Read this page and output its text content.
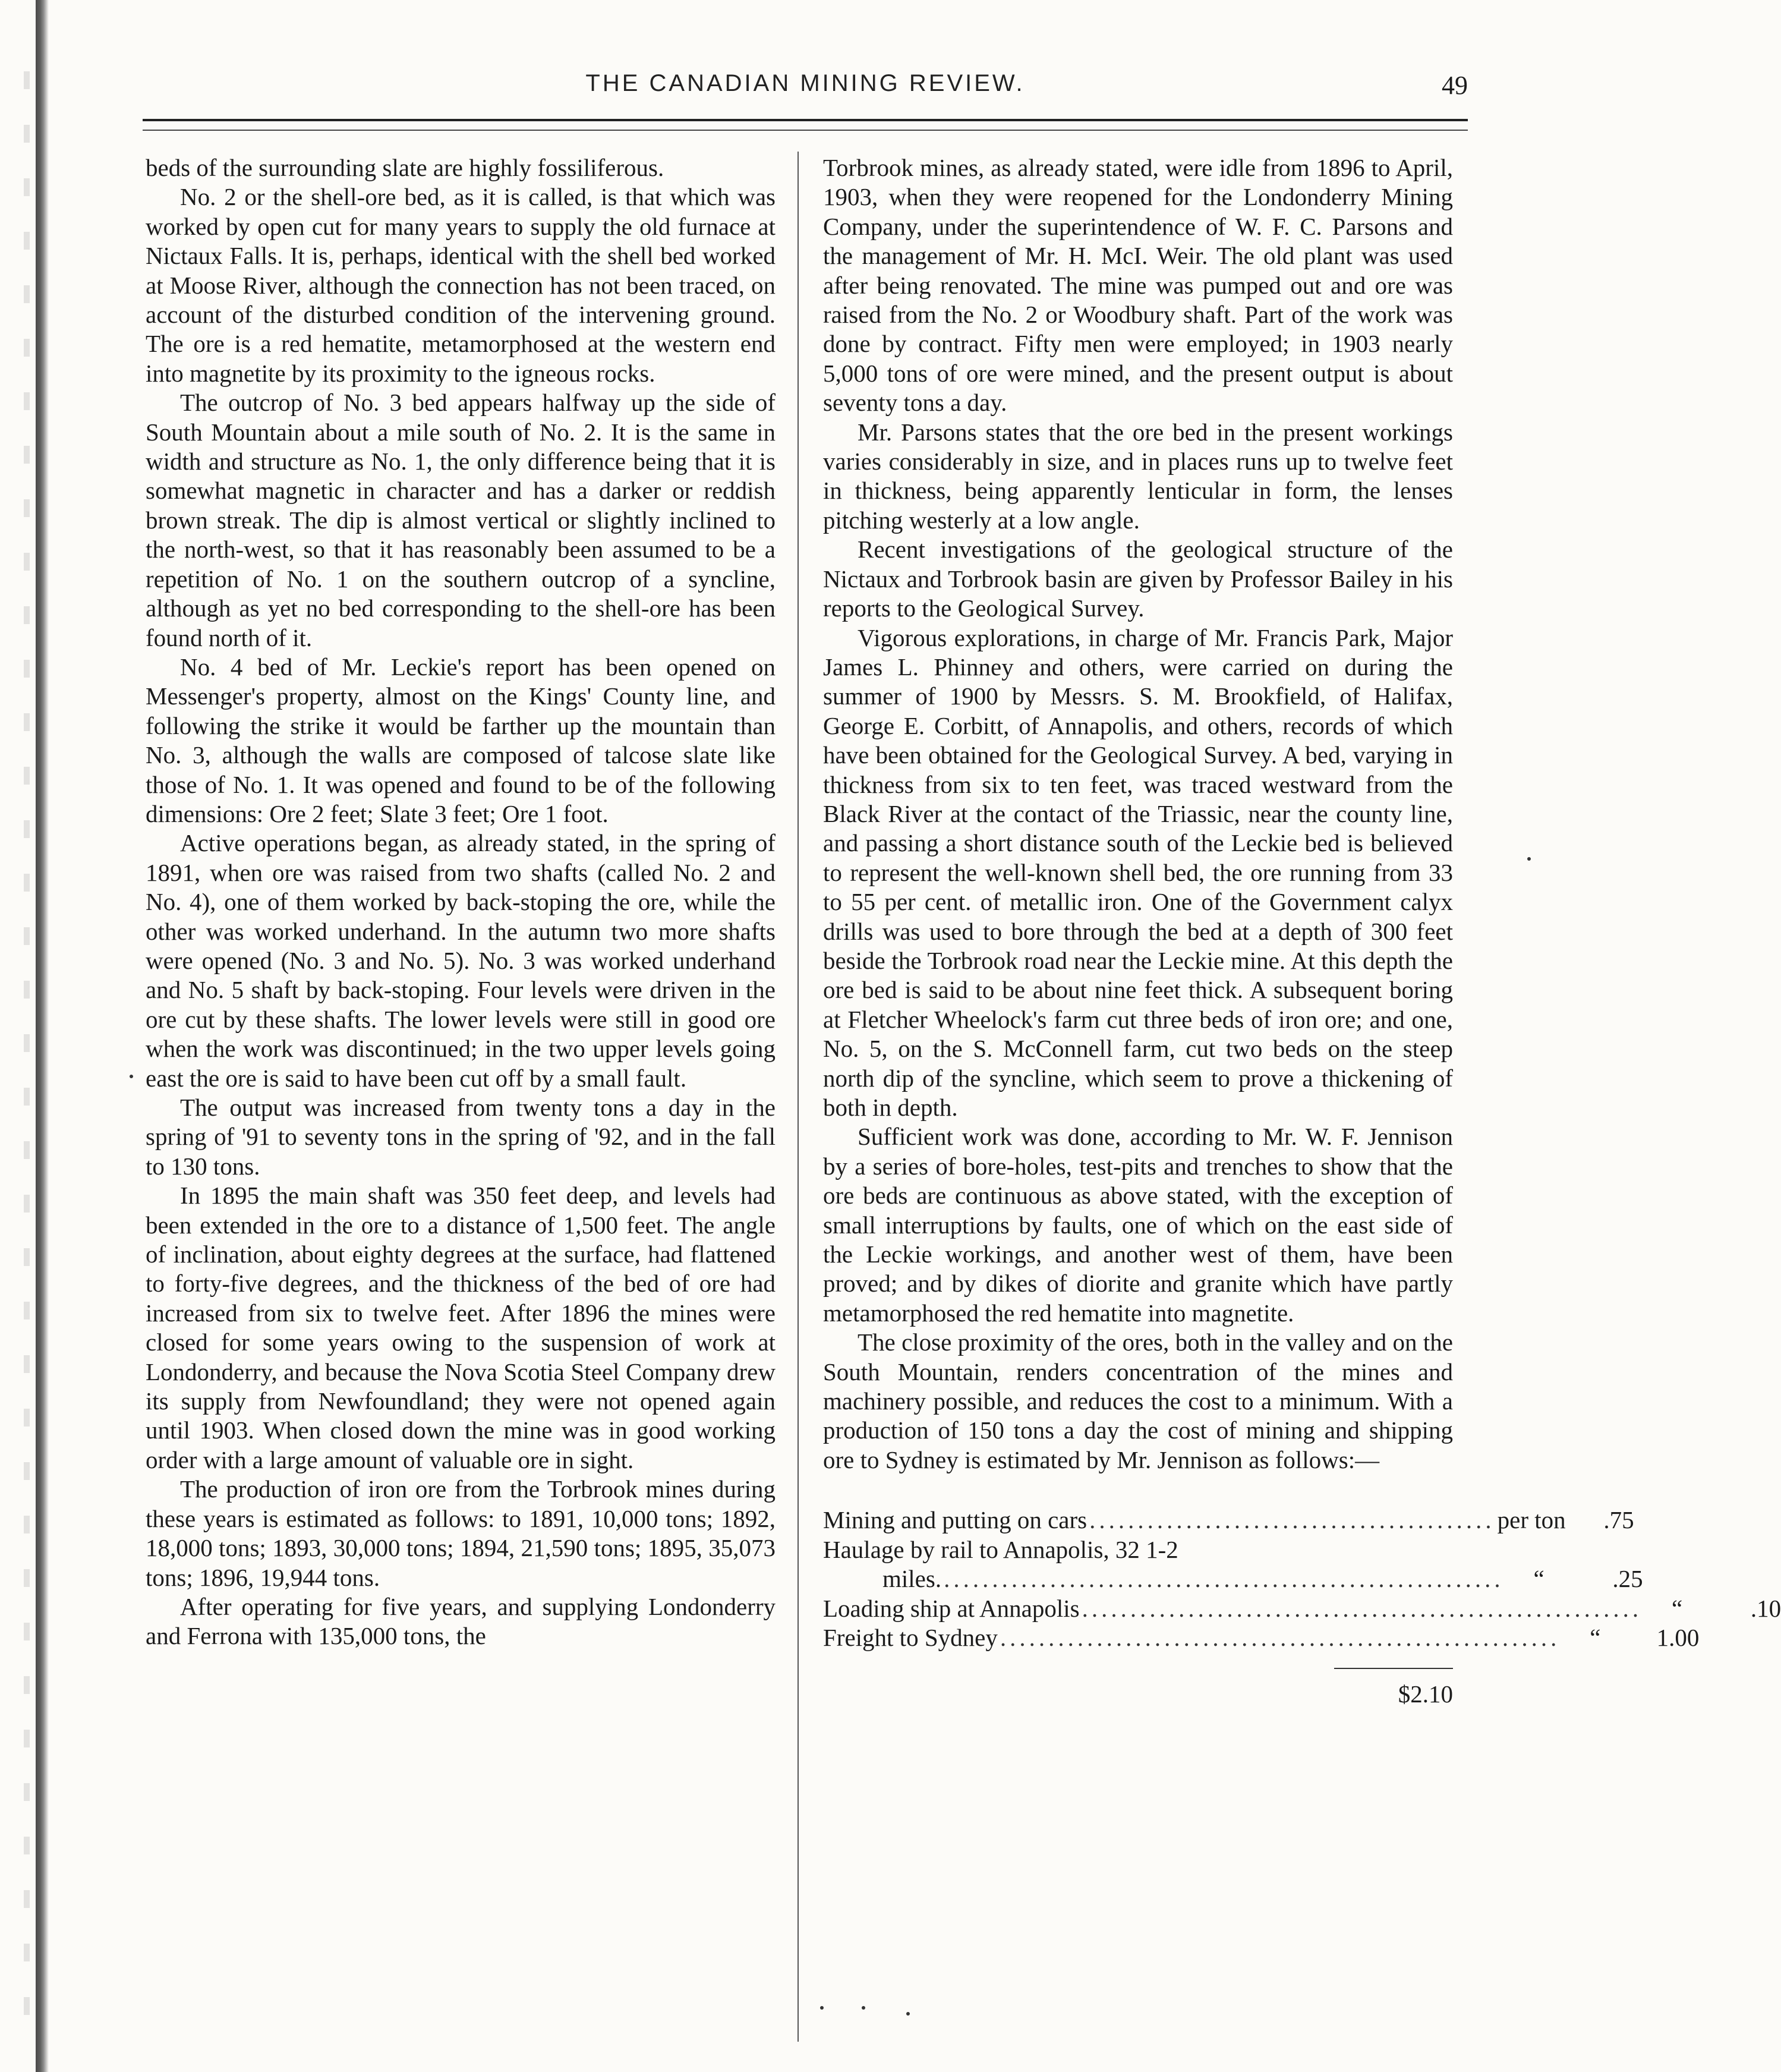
THE CANADIAN MINING REVIEW.	49

beds of the surrounding slate are highly fossiliferous.

No. 2 or the shell-ore bed, as it is called, is that which was worked by open cut for many years to supply the old furnace at Nictaux Falls. It is, perhaps, identical with the shell bed worked at Moose River, although the connection has not been traced, on account of the disturbed condition of the intervening ground. The ore is a red hematite, metamorphosed at the western end into magnetite by its proximity to the igneous rocks.

The outcrop of No. 3 bed appears halfway up the side of South Mountain about a mile south of No. 2. It is the same in width and structure as No. 1, the only difference being that it is somewhat magnetic in character and has a darker or reddish brown streak. The dip is almost vertical or slightly inclined to the north-west, so that it has reasonably been assumed to be a repetition of No. 1 on the southern outcrop of a syncline, although as yet no bed corresponding to the shell-ore has been found north of it.

No. 4 bed of Mr. Leckie's report has been opened on Messenger's property, almost on the Kings' County line, and following the strike it would be farther up the mountain than No. 3, although the walls are composed of talcose slate like those of No. 1. It was opened and found to be of the following dimensions: Ore 2 feet; Slate 3 feet; Ore 1 foot.

Active operations began, as already stated, in the spring of 1891, when ore was raised from two shafts (called No. 2 and No. 4), one of them worked by back-stoping the ore, while the other was worked underhand. In the autumn two more shafts were opened (No. 3 and No. 5). No. 3 was worked underhand and No. 5 shaft by back-stoping. Four levels were driven in the ore cut by these shafts. The lower levels were still in good ore when the work was discontinued; in the two upper levels going east the ore is said to have been cut off by a small fault.

The output was increased from twenty tons a day in the spring of '91 to seventy tons in the spring of '92, and in the fall to 130 tons.

In 1895 the main shaft was 350 feet deep, and levels had been extended in the ore to a distance of 1,500 feet. The angle of inclination, about eighty degrees at the surface, had flattened to forty-five degrees, and the thickness of the bed of ore had increased from six to twelve feet. After 1896 the mines were closed for some years owing to the suspension of work at Londonderry, and because the Nova Scotia Steel Company drew its supply from Newfoundland; they were not opened again until 1903. When closed down the mine was in good working order with a large amount of valuable ore in sight.

The production of iron ore from the Torbrook mines during these years is estimated as follows: to 1891, 10,000 tons; 1892, 18,000 tons; 1893, 30,000 tons; 1894, 21,590 tons; 1895, 35,073 tons; 1896, 19,944 tons.

After operating for five years, and supplying Londonderry and Ferrona with 135,000 tons, the

Torbrook mines, as already stated, were idle from 1896 to April, 1903, when they were reopened for the Londonderry Mining Company, under the superintendence of W. F. C. Parsons and the management of Mr. H. McI. Weir. The old plant was used after being renovated. The mine was pumped out and ore was raised from the No. 2 or Woodbury shaft. Part of the work was done by contract. Fifty men were employed; in 1903 nearly 5,000 tons of ore were mined, and the present output is about seventy tons a day.

Mr. Parsons states that the ore bed in the present workings varies considerably in size, and in places runs up to twelve feet in thickness, being apparently lenticular in form, the lenses pitching westerly at a low angle.

Recent investigations of the geological structure of the Nictaux and Torbrook basin are given by Professor Bailey in his reports to the Geological Survey.

Vigorous explorations, in charge of Mr. Francis Park, Major James L. Phinney and others, were carried on during the summer of 1900 by Messrs. S. M. Brookfield, of Halifax, George E. Corbitt, of Annapolis, and others, records of which have been obtained for the Geological Survey. A bed, varying in thickness from six to ten feet, was traced westward from the Black River at the contact of the Triassic, near the county line, and passing a short distance south of the Leckie bed is believed to represent the well-known shell bed, the ore running from 33 to 55 per cent. of metallic iron. One of the Government calyx drills was used to bore through the bed at a depth of 300 feet beside the Torbrook road near the Leckie mine. At this depth the ore bed is said to be about nine feet thick. A subsequent boring at Fletcher Wheelock's farm cut three beds of iron ore; and one, No. 5, on the S. McConnell farm, cut two beds on the steep north dip of the syncline, which seem to prove a thickening of both in depth.

Sufficient work was done, according to Mr. W. F. Jennison by a series of bore-holes, test-pits and trenches to show that the ore beds are continuous as above stated, with the exception of small interruptions by faults, one of which on the east side of the Leckie workings, and another west of them, have been proved; and by dikes of diorite and granite which have partly metamorphosed the red hematite into magnetite.

The close proximity of the ores, both in the valley and on the South Mountain, renders concentration of the mines and machinery possible, and reduces the cost to a minimum. With a production of 150 tons a day the cost of mining and shipping ore to Sydney is estimated by Mr. Jennison as follows:—

Mining and putting on cars .......................................... per ton	.75
Haulage by rail to Annapolis, 32 1-2
miles. ..........................................................	“	.25
Loading ship at Annapolis ..........................................................	“	.10
Freight to Sydney ..........................................................	“	1.00
$2.10
